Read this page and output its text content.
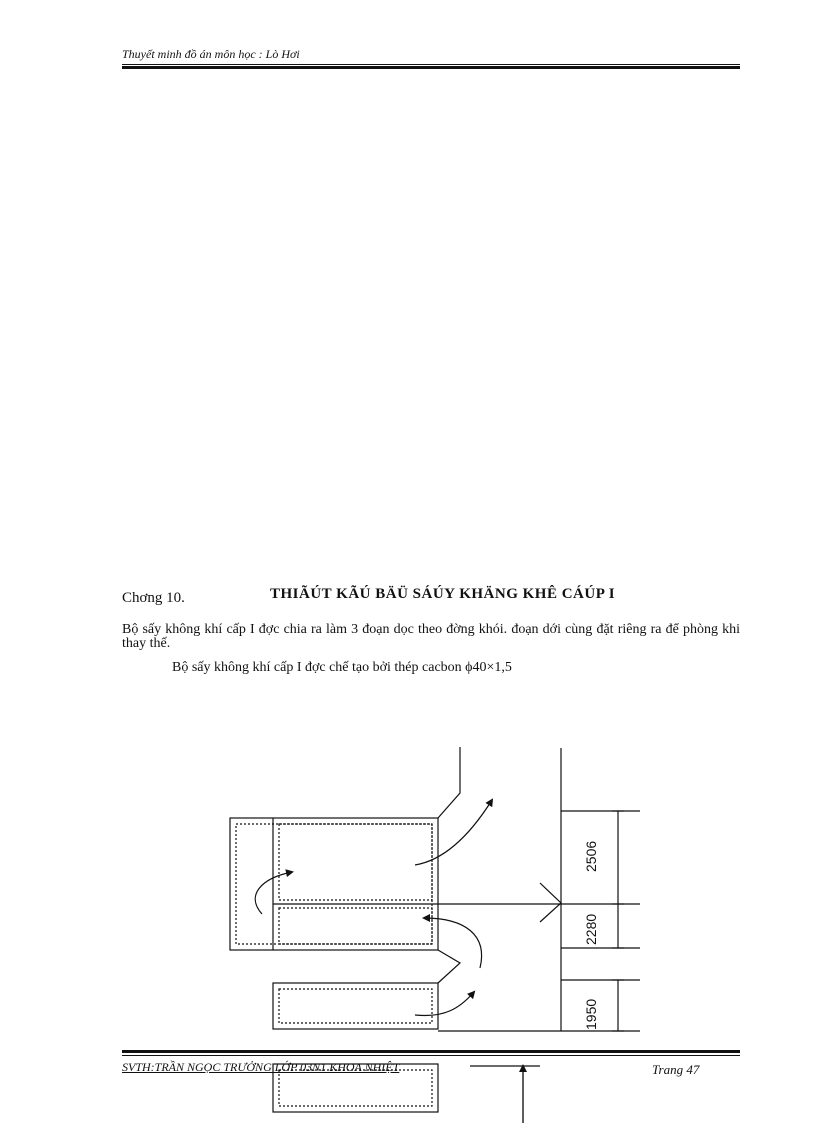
Thuyết minh đồ án môn học : Lò Hơi
Chơng 10.	THIÃÚT KÃÚ BÄÜ SÁÚY KHÄNG KHÊ CÁÚP I
Bộ sấy không khí cấp I đợc chia ra làm 3 đoạn dọc theo đờng khói. đoạn dới cùng đặt riêng ra để phòng khi thay thế.
Bộ sấy không khí cấp I đợc chế tạo bởi thép cacbon ϕ40×1,5
2506
2280
1950
SVTH:TRẦN NGỌC TRƯỞNG LỚP 03N1 KHOA NHIỆT	Trang 47
